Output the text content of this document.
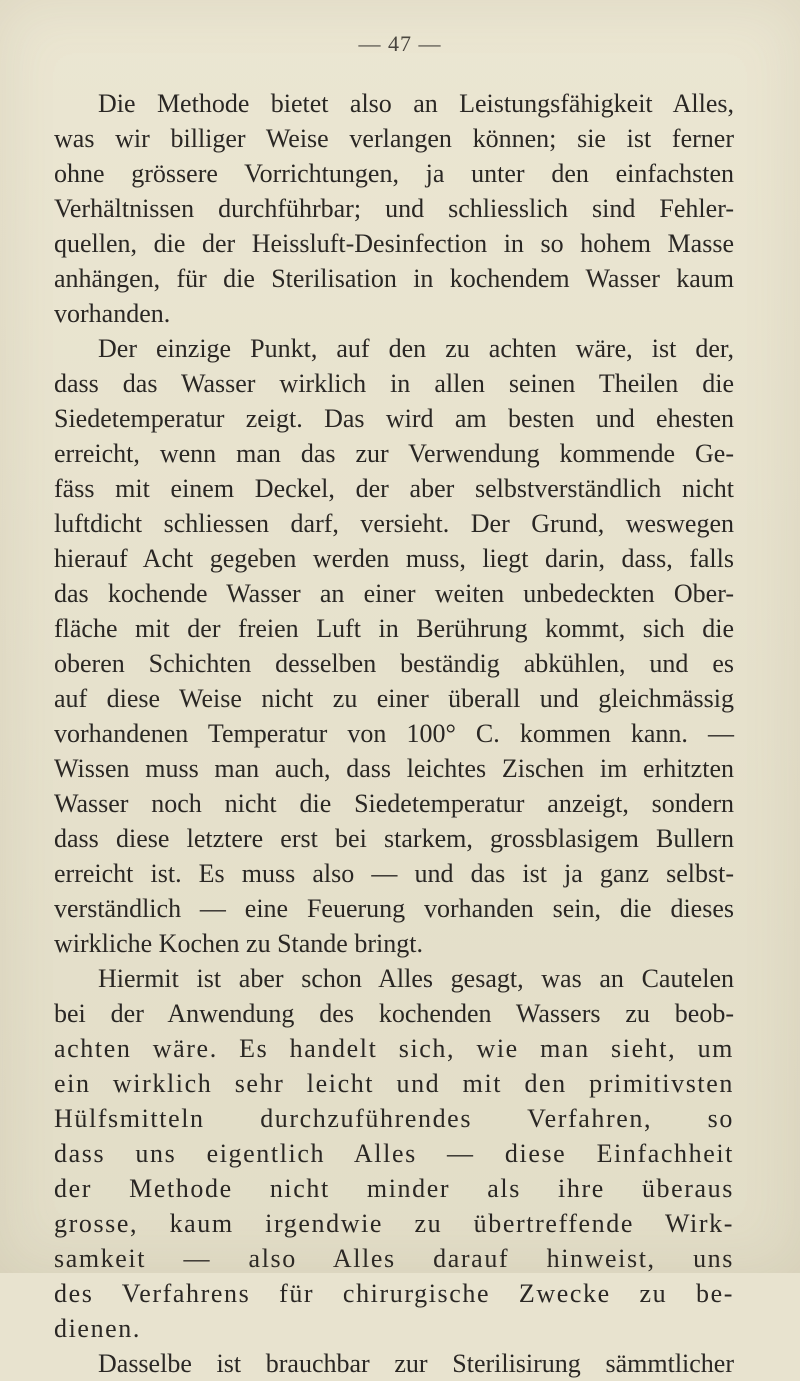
— 47 —
Die Methode bietet also an Leistungsfähigkeit Alles,
was wir billiger Weise verlangen können; sie ist ferner
ohne grössere Vorrichtungen, ja unter den einfachsten
Verhältnissen durchführbar; und schliesslich sind Fehler-
quellen, die der Heissluft-Desinfection in so hohem Masse
anhängen, für die Sterilisation in kochendem Wasser kaum
vorhanden.
Der einzige Punkt, auf den zu achten wäre, ist der,
dass das Wasser wirklich in allen seinen Theilen die
Siedetemperatur zeigt. Das wird am besten und ehesten
erreicht, wenn man das zur Verwendung kommende Ge-
fäss mit einem Deckel, der aber selbstverständlich nicht
luftdicht schliessen darf, versieht. Der Grund, weswegen
hierauf Acht gegeben werden muss, liegt darin, dass, falls
das kochende Wasser an einer weiten unbedeckten Ober-
fläche mit der freien Luft in Berührung kommt, sich die
oberen Schichten desselben beständig abkühlen, und es
auf diese Weise nicht zu einer überall und gleichmässig
vorhandenen Temperatur von 100° C. kommen kann. —
Wissen muss man auch, dass leichtes Zischen im erhitzten
Wasser noch nicht die Siedetemperatur anzeigt, sondern
dass diese letztere erst bei starkem, grossblasigem Bullern
erreicht ist. Es muss also — und das ist ja ganz selbst-
verständlich — eine Feuerung vorhanden sein, die dieses
wirkliche Kochen zu Stande bringt.
Hiermit ist aber schon Alles gesagt, was an Cautelen
bei der Anwendung des kochenden Wassers zu beob-
achten wäre. Es handelt sich, wie man sieht, um
ein wirklich sehr leicht und mit den primitivsten
Hülfsmitteln durchzuführendes Verfahren, so
dass uns eigentlich Alles — diese Einfachheit
der Methode nicht minder als ihre überaus
grosse, kaum irgendwie zu übertreffende Wirk-
samkeit — also Alles darauf hinweist, uns
des Verfahrens für chirurgische Zwecke zu be-
dienen.
Dasselbe ist brauchbar zur Sterilisirung sämmtlicher
